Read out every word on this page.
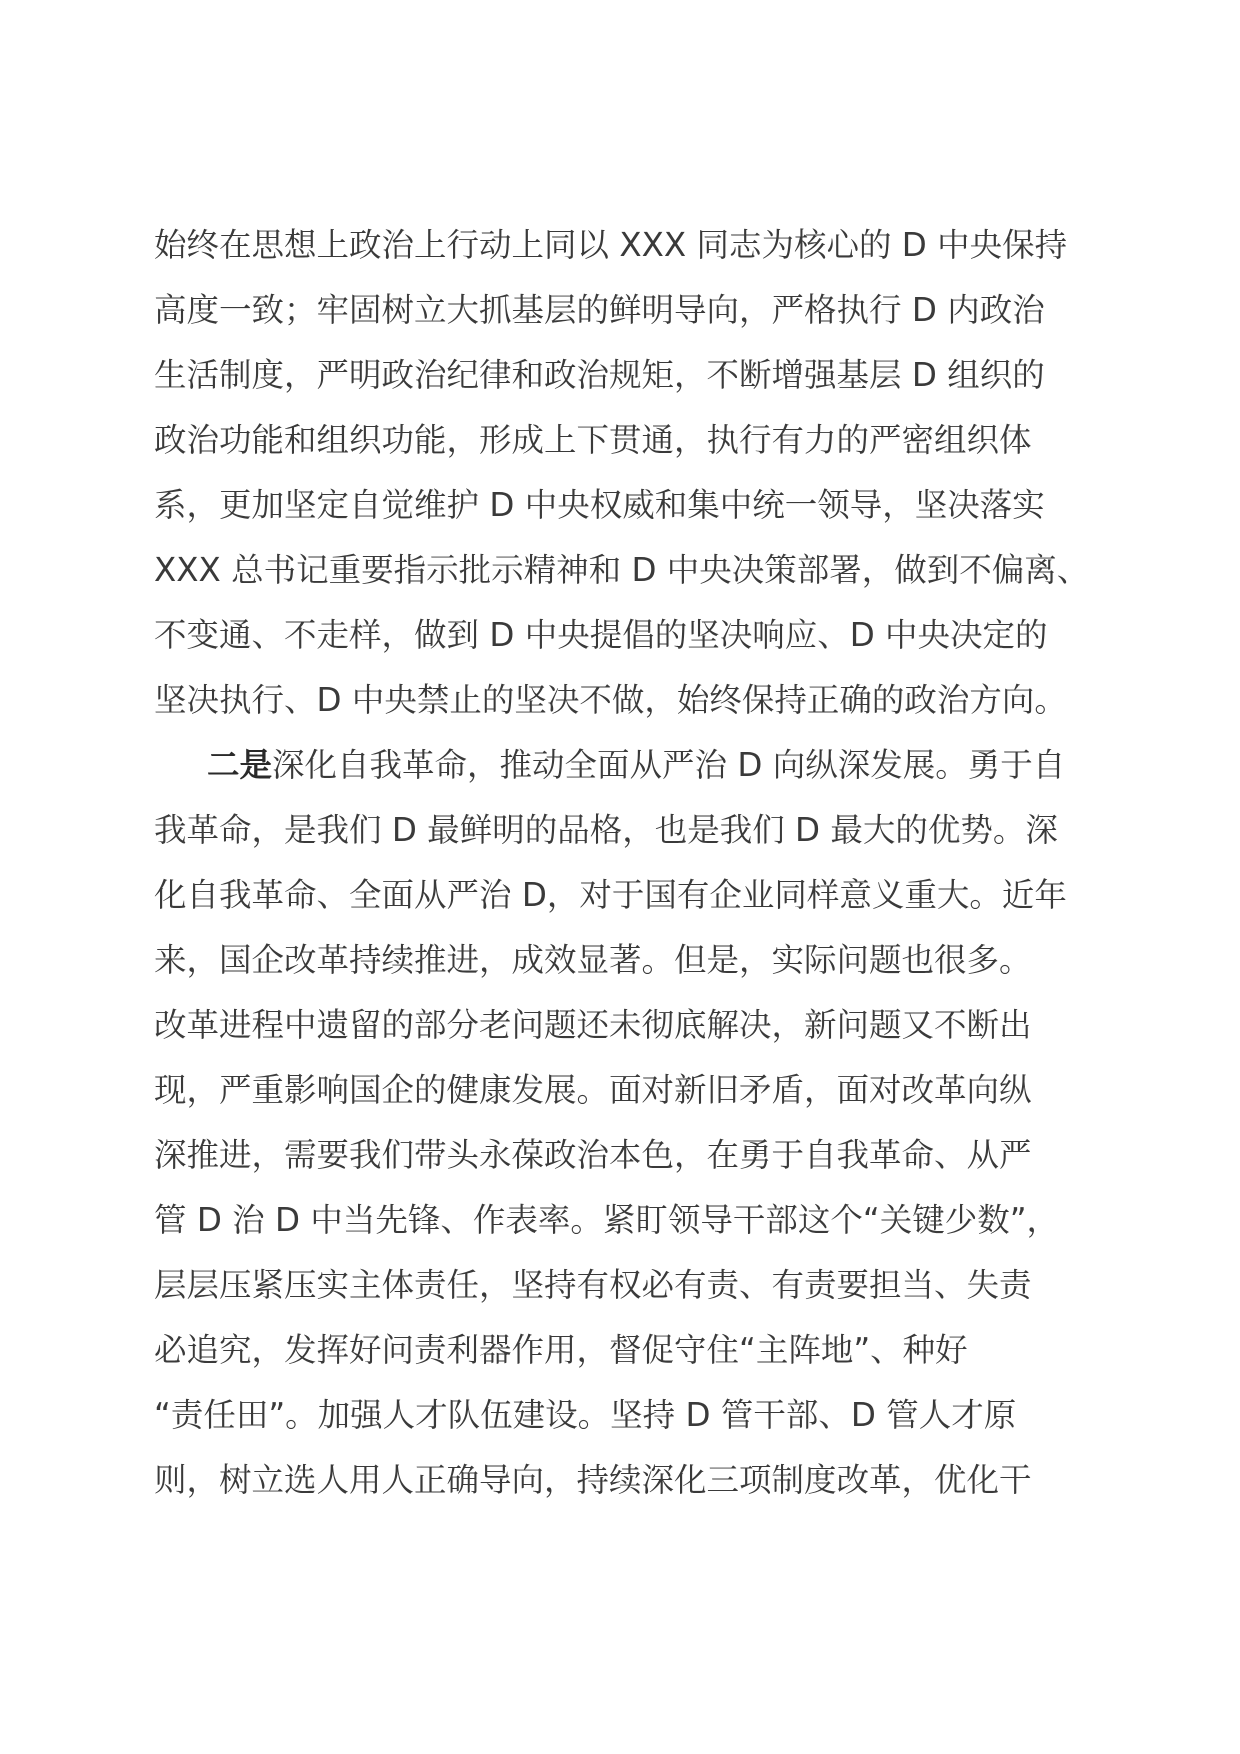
始终在思想上政治上行动上同以 XXX 同志为核心的 D 中央保持
高度一致；牢固树立大抓基层的鲜明导向，严格执行 D 内政治
生活制度，严明政治纪律和政治规矩，不断增强基层 D 组织的
政治功能和组织功能，形成上下贯通，执行有力的严密组织体
系，更加坚定自觉维护 D 中央权威和集中统一领导，坚决落实
XXX 总书记重要指示批示精神和 D 中央决策部署，做到不偏离、
不变通、不走样，做到 D 中央提倡的坚决响应、D 中央决定的
坚决执行、D 中央禁止的坚决不做，始终保持正确的政治方向。
二是深化自我革命，推动全面从严治 D 向纵深发展。勇于自
我革命，是我们 D 最鲜明的品格，也是我们 D 最大的优势。深
化自我革命、全面从严治 D，对于国有企业同样意义重大。近年
来，国企改革持续推进，成效显著。但是，实际问题也很多。
改革进程中遗留的部分老问题还未彻底解决，新问题又不断出
现，严重影响国企的健康发展。面对新旧矛盾，面对改革向纵
深推进，需要我们带头永葆政治本色，在勇于自我革命、从严
管 D 治 D 中当先锋、作表率。紧盯领导干部这个“关键少数”，
层层压紧压实主体责任，坚持有权必有责、有责要担当、失责
必追究，发挥好问责利器作用，督促守住“主阵地”、种好
“责任田”。加强人才队伍建设。坚持 D 管干部、D 管人才原
则，树立选人用人正确导向，持续深化三项制度改革，优化干
